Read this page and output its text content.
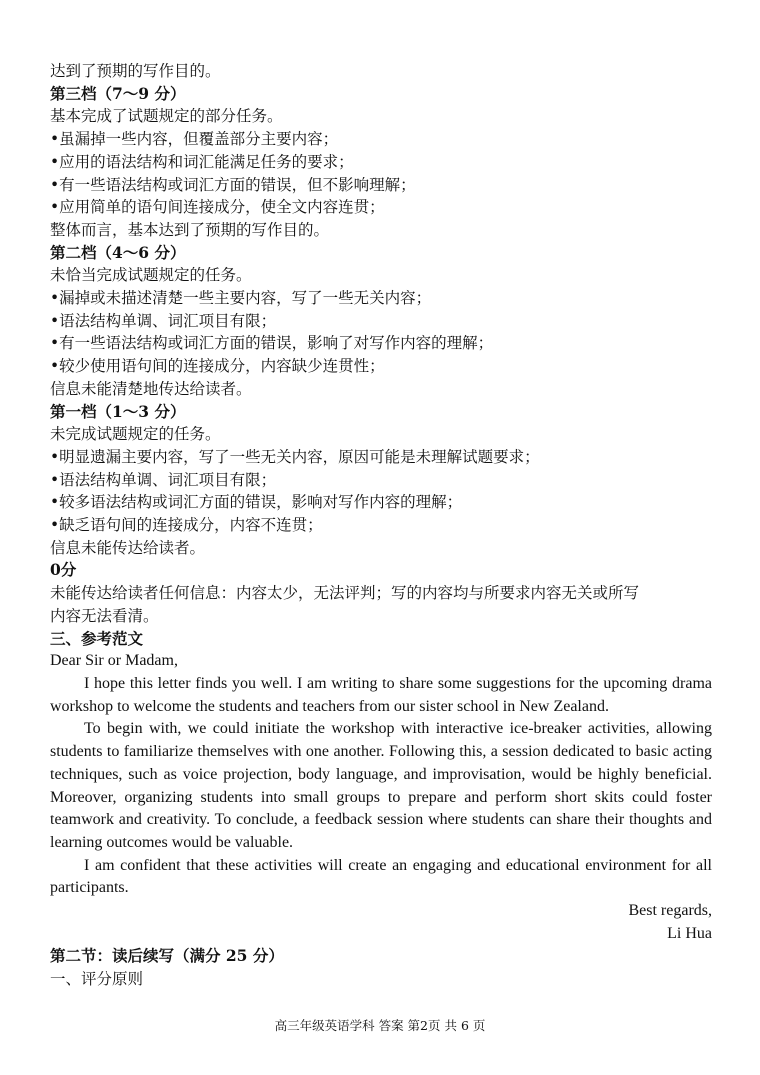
达到了预期的写作目的。
第三档（7～9 分）
基本完成了试题规定的部分任务。
•虽漏掉一些内容，但覆盖部分主要内容；
•应用的语法结构和词汇能满足任务的要求；
•有一些语法结构或词汇方面的错误，但不影响理解；
•应用简单的语句间连接成分，使全文内容连贯；
整体而言，基本达到了预期的写作目的。
第二档（4～6 分）
未恰当完成试题规定的任务。
•漏掉或未描述清楚一些主要内容，写了一些无关内容；
•语法结构单调、词汇项目有限；
•有一些语法结构或词汇方面的错误，影响了对写作内容的理解；
•较少使用语句间的连接成分，内容缺少连贯性；
信息未能清楚地传达给读者。
第一档（1～3 分）
未完成试题规定的任务。
•明显遗漏主要内容，写了一些无关内容，原因可能是未理解试题要求；
•语法结构单调、词汇项目有限；
•较多语法结构或词汇方面的错误，影响对写作内容的理解；
•缺乏语句间的连接成分，内容不连贯；
信息未能传达给读者。
0分
未能传达给读者任何信息：内容太少，无法评判；写的内容均与所要求内容无关或所写
内容无法看清。
三、参考范文
Dear Sir or Madam,
I hope this letter finds you well. I am writing to share some suggestions for the upcoming drama workshop to welcome the students and teachers from our sister school in New Zealand.
To begin with, we could initiate the workshop with interactive ice-breaker activities, allowing students to familiarize themselves with one another. Following this, a session dedicated to basic acting techniques, such as voice projection, body language, and improvisation, would be highly beneficial. Moreover, organizing students into small groups to prepare and perform short skits could foster teamwork and creativity. To conclude, a feedback session where students can share their thoughts and learning outcomes would be valuable.
I am confident that these activities will create an engaging and educational environment for all participants.
Best regards,
Li Hua
第二节：读后续写（满分 25 分）
一、评分原则
高三年级英语学科 答案 第2页 共 6 页
